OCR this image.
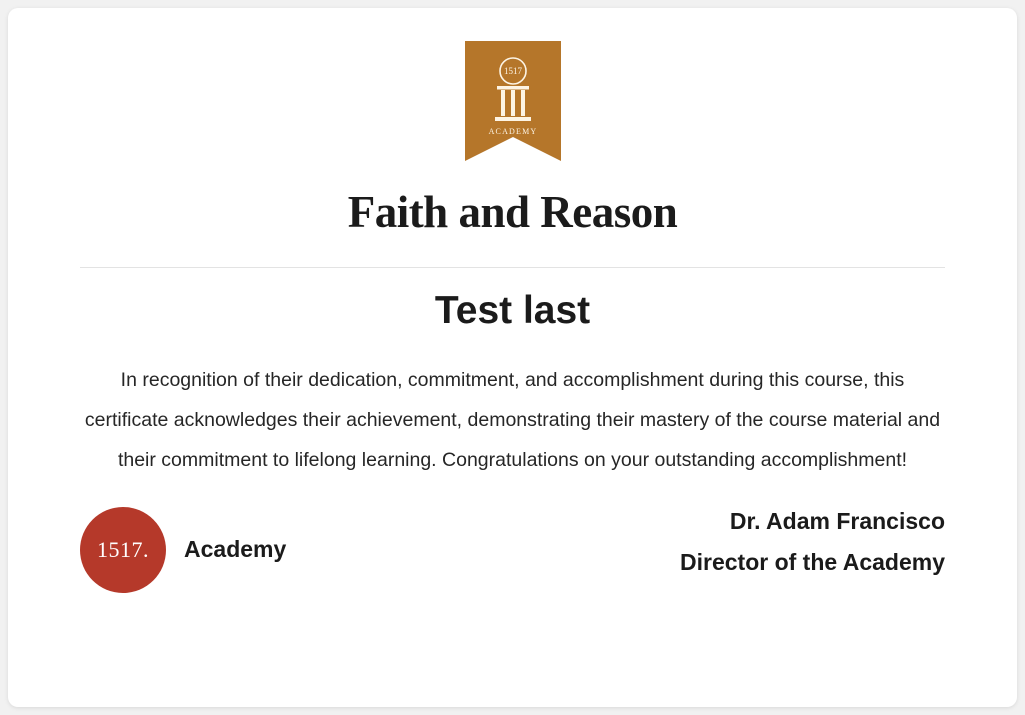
1517
ACADEMY
Faith and Reason
Test last
In recognition of their dedication, commitment, and accomplishment during this course, this certificate acknowledges their achievement, demonstrating their mastery of the course material and their commitment to lifelong learning. Congratulations on your outstanding accomplishment!
1517.	Academy
Dr. Adam Francisco
Director of the Academy
